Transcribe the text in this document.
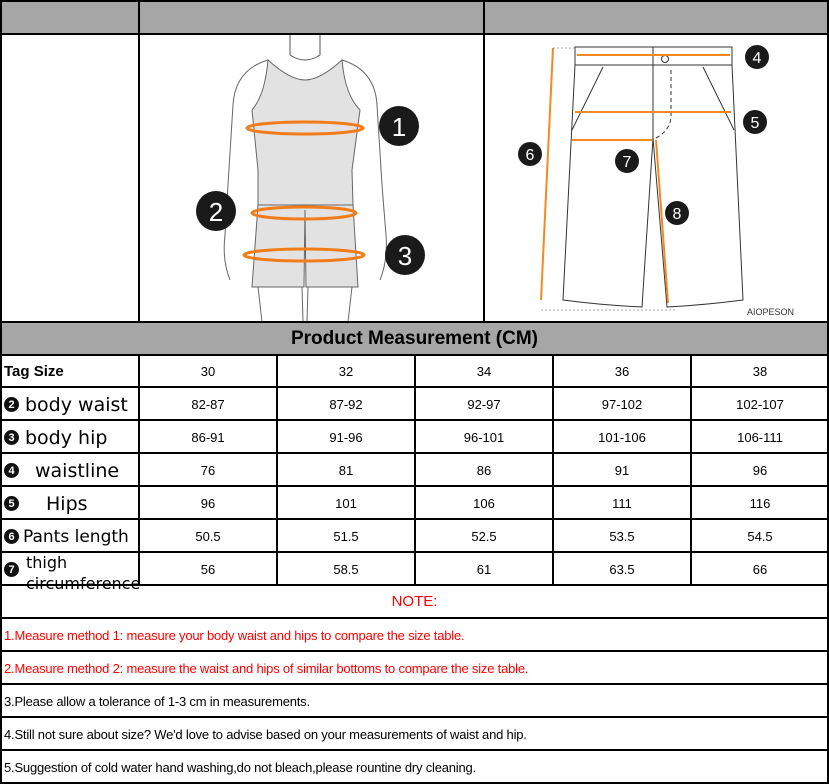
Product Measurement (CM)
1
2
3
4
5
6	7
8
AIOPESON
Tag Size	30	32	34	36	38
2 body waist	82-87	87-92	92-97	97-102	102-107
3 body hip	86-91	91-96	96-101	101-106	106-111
4 waistline	76	81	86	91	96
5 Hips	96	101	106	111	116
6 Pants length	50.5	51.5	52.5	53.5	54.5
7 thigh	56	58.5	61	63.5	66
NOTE:
1.Measure method 1: measure your body waist and hips to compare the size table.
2.Measure method 2: measure the waist and hips of similar bottoms to compare the size table.
3.Please allow a tolerance of 1-3 cm in measurements.
4.Still not sure about size? We'd love to advise based on your measurements of waist and hip.
5.Suggestion of cold water hand washing,do not bleach,please rountine dry cleaning.
